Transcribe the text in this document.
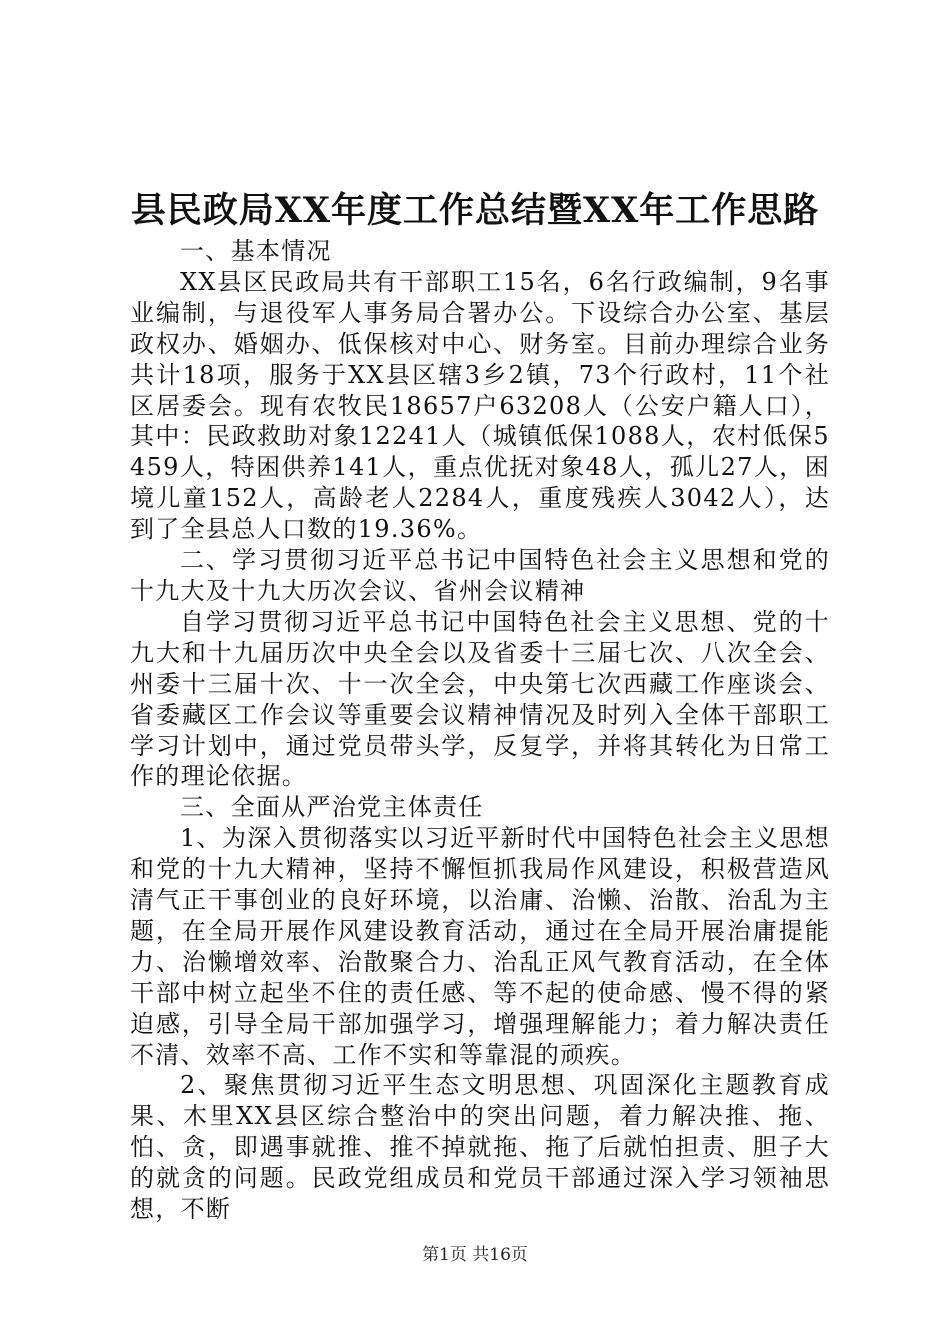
县民政局XX年度工作总结暨XX年工作思路

一、基本情况

XX县区民政局共有干部职工15名，6名行政编制，9名事业编制，与退役军人事务局合署办公。下设综合办公室、基层政权办、婚姻办、低保核对中心、财务室。目前办理综合业务共计18项，服务于XX县区辖3乡2镇，73个行政村，11个社区居委会。现有农牧民18657户63208人（公安户籍人口），其中：民政救助对象12241人（城镇低保1088人，农村低保5459人，特困供养141人，重点优抚对象48人，孤儿27人，困境儿童152人，高龄老人2284人，重度残疾人3042人），达到了全县总人口数的19.36%。

二、学习贯彻习近平总书记中国特色社会主义思想和党的十九大及十九大历次会议、省州会议精神

自学习贯彻习近平总书记中国特色社会主义思想、党的十九大和十九届历次中央全会以及省委十三届七次、八次全会、州委十三届十次、十一次全会，中央第七次西藏工作座谈会、省委藏区工作会议等重要会议精神情况及时列入全体干部职工学习计划中，通过党员带头学，反复学，并将其转化为日常工作的理论依据。

三、全面从严治党主体责任

1、为深入贯彻落实以习近平新时代中国特色社会主义思想和党的十九大精神，坚持不懈恒抓我局作风建设，积极营造风清气正干事创业的良好环境，以治庸、治懒、治散、治乱为主题，在全局开展作风建设教育活动，通过在全局开展治庸提能力、治懒增效率、治散聚合力、治乱正风气教育活动，在全体干部中树立起坐不住的责任感、等不起的使命感、慢不得的紧迫感，引导全局干部加强学习，增强理解能力；着力解决责任不清、效率不高、工作不实和等靠混的顽疾。

2、聚焦贯彻习近平生态文明思想、巩固深化主题教育成果、木里XX县区综合整治中的突出问题，着力解决推、拖、怕、贪，即遇事就推、推不掉就拖、拖了后就怕担责、胆子大的就贪的问题。民政党组成员和党员干部通过深入学习领袖思想，不断

第1页 共16页
